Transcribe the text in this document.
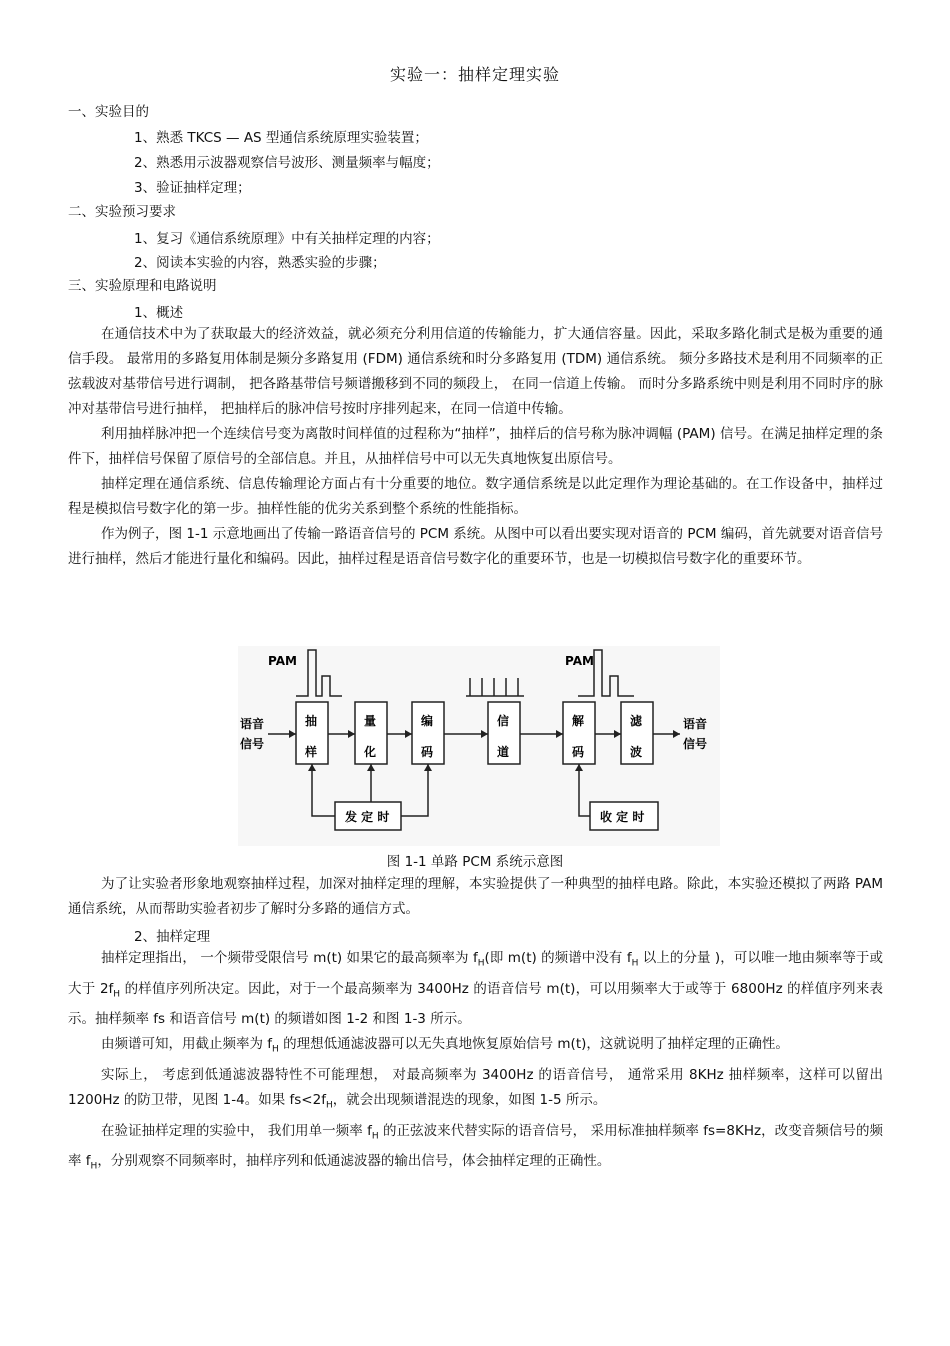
实验一：抽样定理实验
一、实验目的
1、熟悉 TKCS — AS 型通信系统原理实验装置；
2、熟悉用示波器观察信号波形、测量频率与幅度；
3、验证抽样定理；
二、实验预习要求
1、复习《通信系统原理》中有关抽样定理的内容；
2、阅读本实验的内容，熟悉实验的步骤；
三、实验原理和电路说明
1、概述

在通信技术中为了获取最大的经济效益，就必须充分利用信道的传输能力，扩大通信容量。因此，采取多路化制式是极为重要的通信手段。 最常用的多路复用体制是频分多路复用 (FDM) 通信系统和时分多路复用 (TDM) 通信系统。 频分多路技术是利用不同频率的正弦载波对基带信号进行调制， 把各路基带信号频谱搬移到不同的频段上， 在同一信道上传输。 而时分多路系统中则是利用不同时序的脉冲对基带信号进行抽样， 把抽样后的脉冲信号按时序排列起来，在同一信道中传输。

利用抽样脉冲把一个连续信号变为离散时间样值的过程称为“抽样”，抽样后的信号称为脉冲调幅 (PAM) 信号。在满足抽样定理的条件下，抽样信号保留了原信号的全部信息。并且，从抽样信号中可以无失真地恢复出原信号。

抽样定理在通信系统、信息传输理论方面占有十分重要的地位。数字通信系统是以此定理作为理论基础的。在工作设备中，抽样过程是模拟信号数字化的第一步。抽样性能的优劣关系到整个系统的性能指标。

作为例子，图 1-1 示意地画出了传输一路语音信号的 PCM 系统。从图中可以看出要实现对语音的 PCM 编码，首先就要对语音信号进行抽样，然后才能进行量化和编码。因此，抽样过程是语音信号数字化的重要环节，也是一切模拟信号数字化的重要环节。

PAM	PAM
语音
信号
抽
样
量
化
编
码
信
道
解
码
滤
波
语音
信号
发 定 时	收 定 时
图 1-1 单路 PCM 系统示意图

为了让实验者形象地观察抽样过程，加深对抽样定理的理解，本实验提供了一种典型的抽样电路。除此，本实验还模拟了两路 PAM 通信系统，从而帮助实验者初步了解时分多路的通信方式。

2、抽样定理

抽样定理指出， 一个频带受限信号 m(t) 如果它的最高频率为 $f_H$(即 m(t) 的频谱中没有 $f_H$ 以上的分量 )，可以唯一地由频率等于或大于 $2f_H$ 的样值序列所决定。因此，对于一个最高频率为 3400Hz 的语音信号 m(t)，可以用频率大于或等于 6800Hz 的样值序列来表示。抽样频率 fs 和语音信号 m(t) 的频谱如图 1-2 和图 1-3 所示。

由频谱可知，用截止频率为 $f_H$ 的理想低通滤波器可以无失真地恢复原始信号 m(t)，这就说明了抽样定理的正确性。

实际上， 考虑到低通滤波器特性不可能理想， 对最高频率为 3400Hz 的语音信号， 通常采用 8KHz 抽样频率，这样可以留出 1200Hz 的防卫带，见图 1-4。如果 $fs<2f_H$，就会出现频谱混迭的现象，如图 1-5 所示。

在验证抽样定理的实验中， 我们用单一频率 $f_H$ 的正弦波来代替实际的语音信号， 采用标准抽样频率 fs=8KHz，改变音频信号的频率 $f_H$，分别观察不同频率时，抽样序列和低通滤波器的输出信号，体会抽样定理的正确性。
